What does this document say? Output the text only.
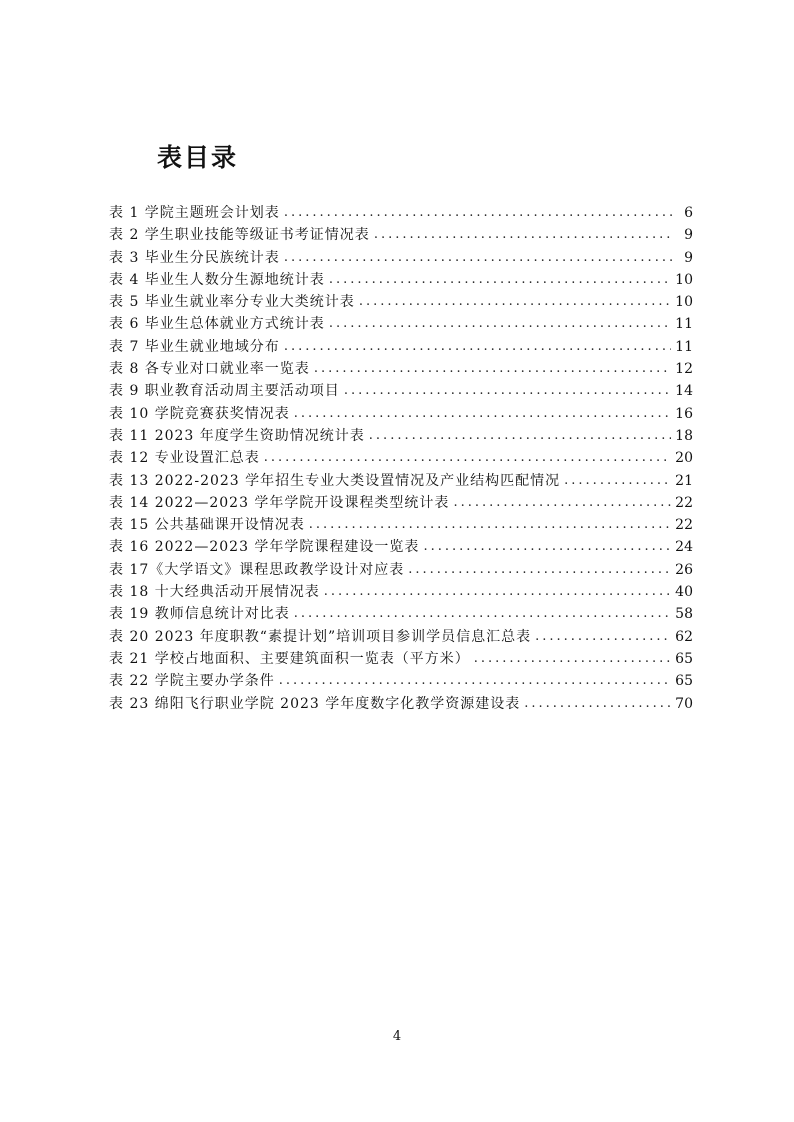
表目录
表 1 学院主题班会计划表 .....	6
表 2 学生职业技能等级证书考证情况表 .....	9
表 3 毕业生分民族统计表 .....	9
表 4 毕业生人数分生源地统计表 .....	10
表 5 毕业生就业率分专业大类统计表 .....	10
表 6 毕业生总体就业方式统计表 .....	11
表 7 毕业生就业地域分布 .....	11
表 8 各专业对口就业率一览表 .....	12
表 9 职业教育活动周主要活动项目 .....	14
表 10 学院竞赛获奖情况表 .....	16
表 11 2023 年度学生资助情况统计表 .....	18
表 12 专业设置汇总表 .....	20
表 13 2022-2023 学年招生专业大类设置情况及产业结构匹配情况 .....	21
表 14 2022—2023 学年学院开设课程类型统计表 .....	22
表 15 公共基础课开设情况表 .....	22
表 16 2022—2023 学年学院课程建设一览表 .....	24
表 17《大学语文》课程思政教学设计对应表 .....	26
表 18 十大经典活动开展情况表 .....	40
表 19 教师信息统计对比表 .....	58
表 20 2023 年度职教“素提计划”培训项目参训学员信息汇总表 .....	62
表 21 学校占地面积、主要建筑面积一览表（平方米） .....	65
表 22 学院主要办学条件 .....	65
表 23 绵阳飞行职业学院 2023 学年度数字化教学资源建设表 .....	70
4
